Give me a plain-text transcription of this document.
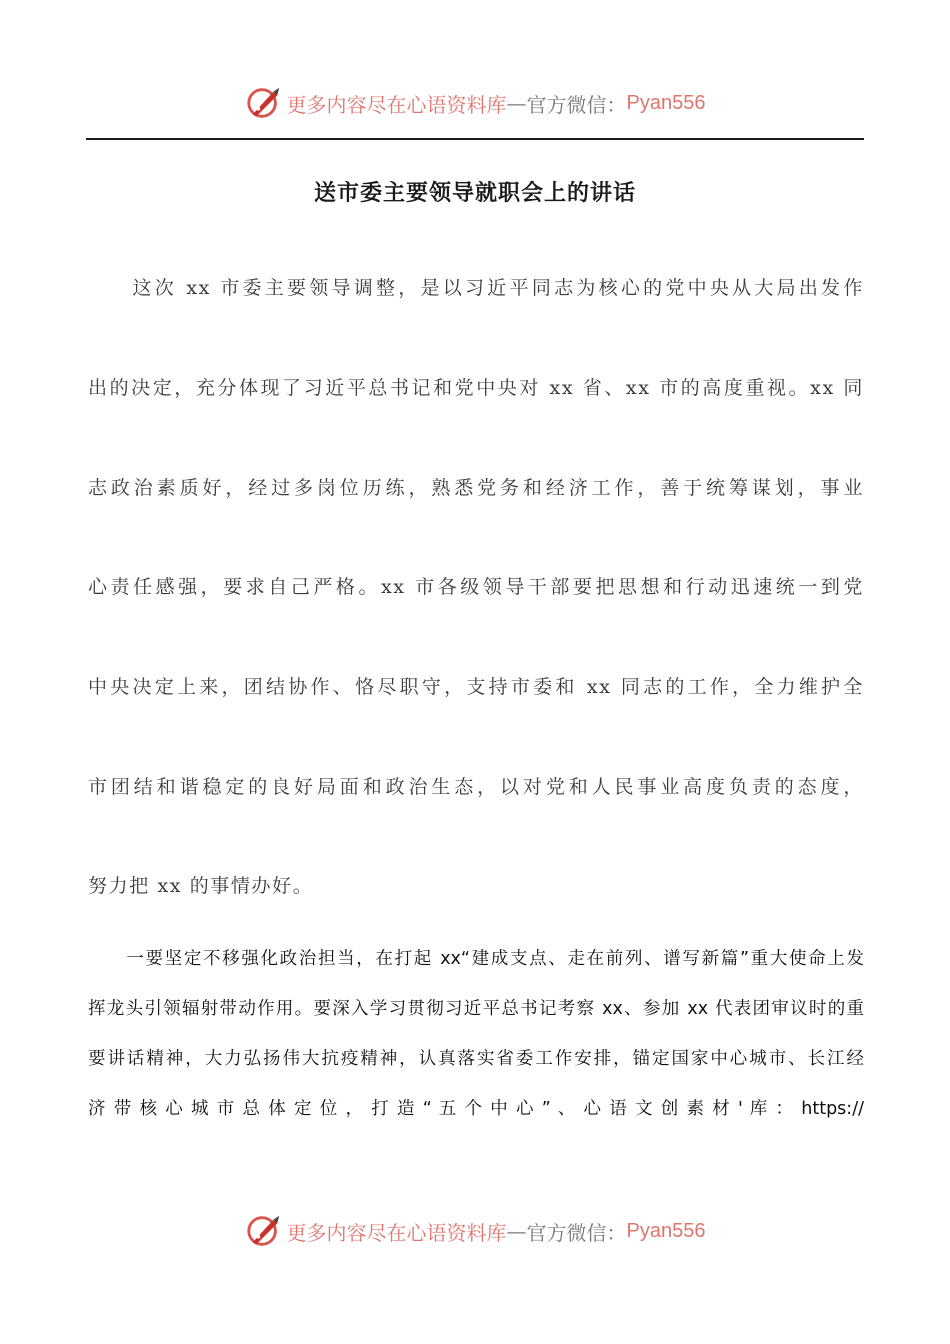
更多内容尽在心语资料库 — 官方微信： Pyan556
送市委主要领导就职会上的讲话
　　这次 xx 市委主要领导调整，是以习近平同志为核心的党中央从大局出发作
出的决定，充分体现了习近平总书记和党中央对 xx 省、xx 市的高度重视。xx 同
志政治素质好，经过多岗位历练，熟悉党务和经济工作，善于统筹谋划，事业
心责任感强，要求自己严格。xx 市各级领导干部要把思想和行动迅速统一到党
中央决定上来，团结协作、恪尽职守，支持市委和 xx 同志的工作，全力维护全
市团结和谐稳定的良好局面和政治生态，以对党和人民事业高度负责的态度，
努力把 xx 的事情办好。
　　一要坚定不移强化政治担当，在打起 xx“建成支点、走在前列、谱写新篇”重大使命上发
挥龙头引领辐射带动作用。要深入学习贯彻习近平总书记考察 xx、参加 xx 代表团审议时的重
要讲话精神，大力弘扬伟大抗疫精神，认真落实省委工作安排，锚定国家中心城市、长江经
济 带 核 心 城 市 总 体 定 位 ， 打 造 “ 五 个 中 心 ” 、 心 语 文 创 素 材 ' 库 ： https://
更多内容尽在心语资料库 — 官方微信： Pyan556
